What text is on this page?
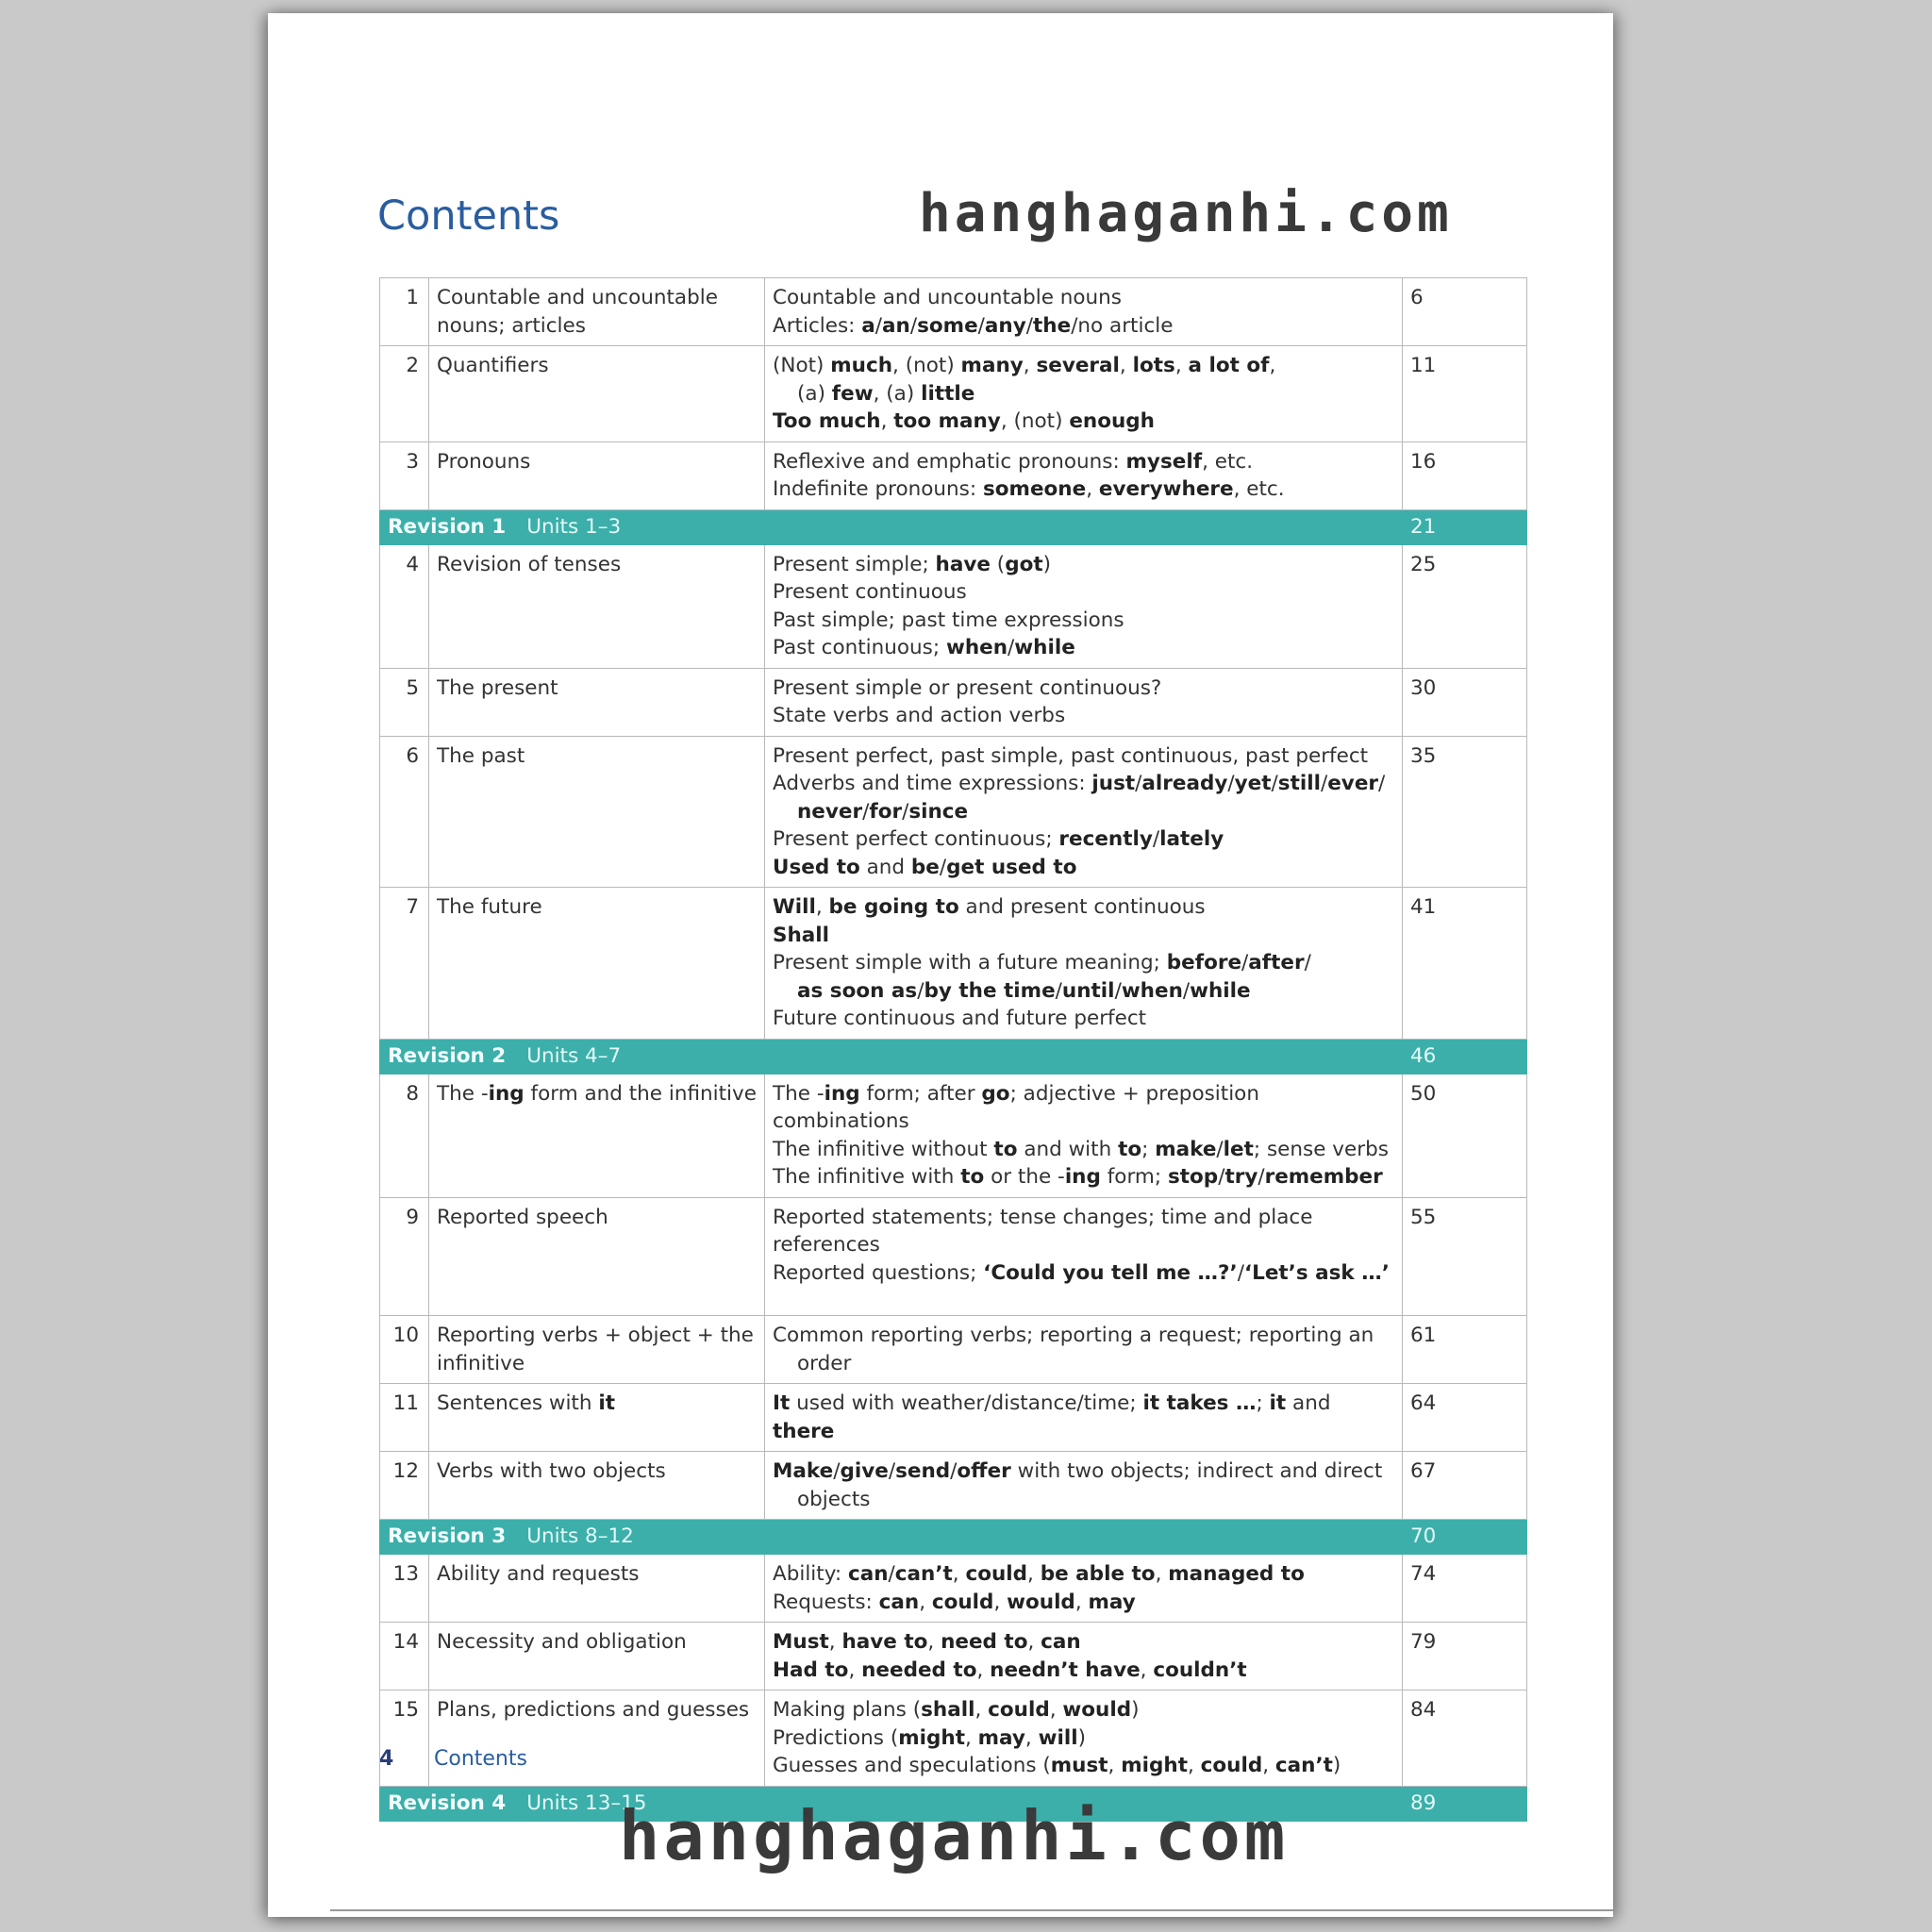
Contents	hanghaganhi.com
1	Countable and uncountable nouns; articles	Countable and uncountable nouns
Articles: a/an/some/any/the/no article	6
2	Quantifiers	(Not) much, (not) many, several, lots, a lot of,
(a) few, (a) little
Too much, too many, (not) enough	11
3	Pronouns	Reflexive and emphatic pronouns: myself, etc.
Indefinite pronouns: someone, everywhere, etc.	16
Revision 1 Units 1–3			21
4	Revision of tenses	Present simple; have (got)
Present continuous
Past simple; past time expressions
Past continuous; when/while	25
5	The present	Present simple or present continuous?
State verbs and action verbs	30
6	The past	Present perfect, past simple, past continuous, past perfect
Adverbs and time expressions: just/already/yet/still/ever/
never/for/since
Present perfect continuous; recently/lately
Used to and be/get used to	35
7	The future	Will, be going to and present continuous
Shall
Present simple with a future meaning; before/after/
as soon as/by the time/until/when/while
Future continuous and future perfect	41
Revision 2 Units 4–7			46
8	The -ing form and the infinitive	The -ing form; after go; adjective + preposition combinations
The infinitive without to and with to; make/let; sense verbs
The infinitive with to or the -ing form; stop/try/remember	50
9	Reported speech	Reported statements; tense changes; time and place references
Reported questions; ‘Could you tell me …?’/‘Let’s ask …’	55
10	Reporting verbs + object + the infinitive	Common reporting verbs; reporting a request; reporting an
order	61
11	Sentences with it	It used with weather/distance/time; it takes …; it and there	64
12	Verbs with two objects	Make/give/send/offer with two objects; indirect and direct
objects	67
Revision 3 Units 8–12			70
13	Ability and requests	Ability: can/can’t, could, be able to, managed to
Requests: can, could, would, may	74
14	Necessity and obligation	Must, have to, need to, can
Had to, needed to, needn’t have, couldn’t	79
15	Plans, predictions and guesses	Making plans (shall, could, would)
Predictions (might, may, will)
Guesses and speculations (must, might, could, can’t)	84
Revision 4 Units 13–15			89
4 Contents
hanghaganhi.com
